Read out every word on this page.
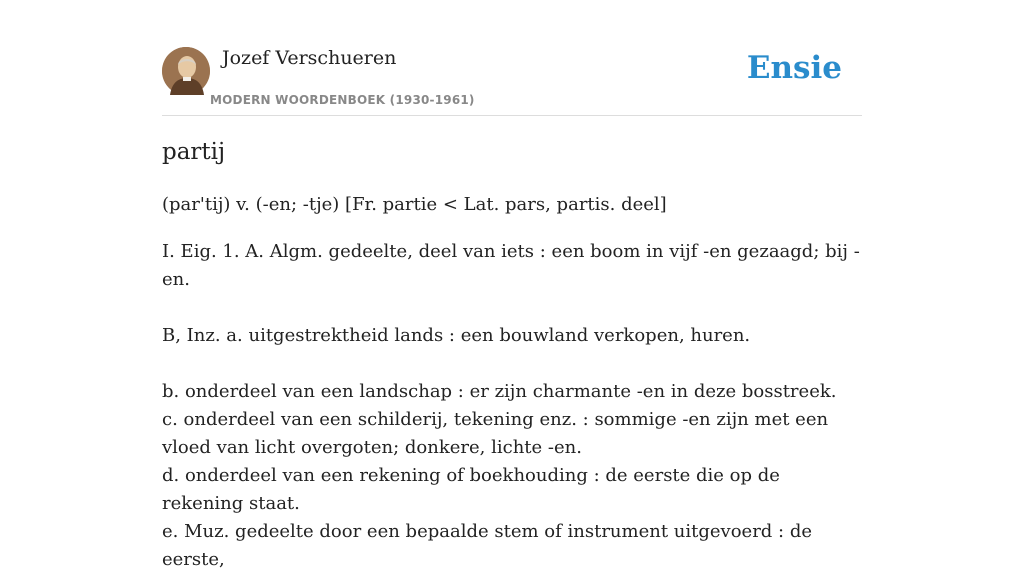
Jozef Verschueren
MODERN WOORDENBOEK (1930-1961)
Ensie
partij
(par'tij) v. (-en; -tje) [Fr. partie < Lat. pars, partis. deel]

I. Eig. 1. A. Algm. gedeelte, deel van iets : een boom in vijf -en gezaagd; bij -en.

B, Inz. a. uitgestrektheid lands : een bouwland verkopen, huren.

b. onderdeel van een landschap : er zijn charmante -en in deze bosstreek.

c. onderdeel van een schilderij, tekening enz. : sommige -en zijn met een vloed van licht overgoten; donkere, lichte -en.

d. onderdeel van een rekening of boekhouding : de eerste die op de rekening staat.

e. Muz. gedeelte door een bepaalde stem of instrument uitgevoerd : de eerste,
